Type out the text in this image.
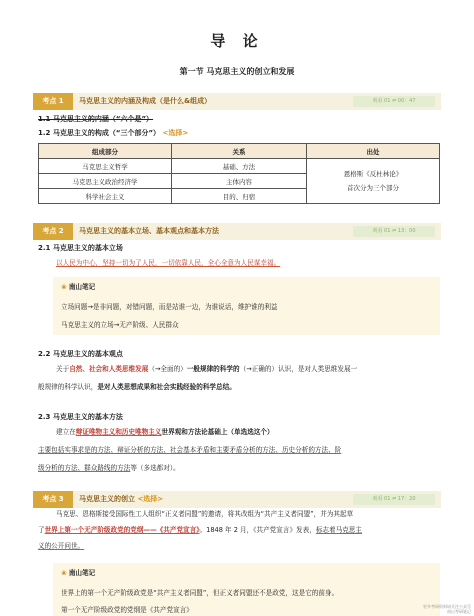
导 论
第一节 马克思主义的创立和发展
考点 1	马克思主义的内涵及构成（是什么&组成）	观看 01 ⇌ 00：47
1.1 马克思主义的内涵（“六个是”）
1.2 马克思主义的构成（“三个部分”） <选择>
组成部分	关系	出处
马克思主义哲学	基础、方法	恩格斯《反杜林论》
首次分为三个部分

马克思主义政治经济学	主体内容	
科学社会主义	目的、归宿	
考点 2	马克思主义的基本立场、基本观点和基本方法	观看 01 ⇌ 13：00
2.1 马克思主义的基本立场
以人民为中心，坚持一切为了人民，一切依靠人民，全心全意为人民谋幸福。
❀ 南山笔记
立场问题→是非问题，对错问题，而是站谁一边，为谁说话，维护谁的利益
马克思主义的立场→无产阶级、人民群众
2.2 马克思主义的基本观点
关于自然、社会和人类思维发展（→全面的）一般规律的科学的（→正确的）认识，是对人类思维发展一
般规律的科学认识，是对人类思想成果和社会实践经验的科学总结。
2.3 马克思主义的基本方法
建立在辩证唯物主义和历史唯物主义世界观和方法论基础上（单选选这个）
主要包括实事求是的方法、辩证分析的方法、社会基本矛盾和主要矛盾分析的方法、历史分析的方法、阶
级分析的方法、群众路线的方法等（多选都对）。
考点 3	马克思主义的创立 <选择>	观看 01 ⇌ 17：20
马克思、恩格斯接受国际性工人组织“正义者同盟”的邀请，将其改组为“共产主义者同盟”，并为其起草
了世界上第一个无产阶级政党的党纲——《共产党宣言》。1848 年 2 月，《共产党宣言》发表，标志着马克思主
义的公开问世。
❀ 南山笔记
世界上的第一个无产阶级政党是“共产主义者同盟”，但正义者同盟还不是政党，这是它的前身。
第一个无产阶级政党的党纲是《共产党宣言》	更多考研资料请关注公众号
南山考研笔记
